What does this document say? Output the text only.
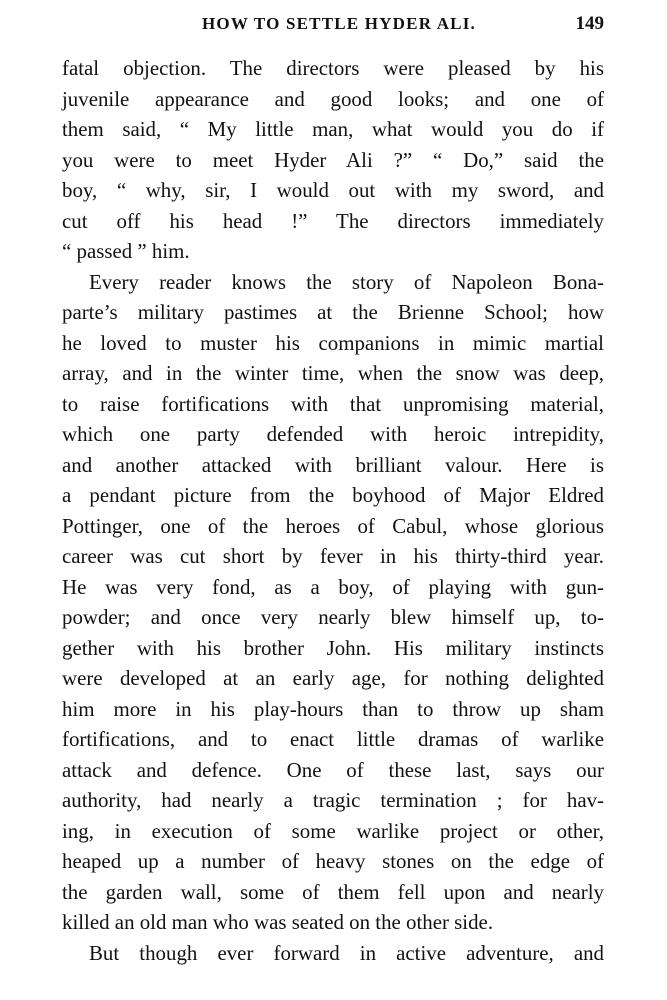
HOW TO SETTLE HYDER ALI.	149
fatal objection. The directors were pleased by his
juvenile appearance and good looks; and one of
them said, “ My little man, what would you do if
you were to meet Hyder Ali ?” “ Do,” said the
boy, “ why, sir, I would out with my sword, and
cut off his head !” The directors immediately
“ passed ” him.
Every reader knows the story of Napoleon Bona-
parte’s military pastimes at the Brienne School; how
he loved to muster his companions in mimic martial
array, and in the winter time, when the snow was deep,
to raise fortifications with that unpromising material,
which one party defended with heroic intrepidity,
and another attacked with brilliant valour. Here is
a pendant picture from the boyhood of Major Eldred
Pottinger, one of the heroes of Cabul, whose glorious
career was cut short by fever in his thirty-third year.
He was very fond, as a boy, of playing with gun-
powder; and once very nearly blew himself up, to-
gether with his brother John. His military instincts
were developed at an early age, for nothing delighted
him more in his play-hours than to throw up sham
fortifications, and to enact little dramas of warlike
attack and defence. One of these last, says our
authority, had nearly a tragic termination ; for hav-
ing, in execution of some warlike project or other,
heaped up a number of heavy stones on the edge of
the garden wall, some of them fell upon and nearly
killed an old man who was seated on the other side.
But though ever forward in active adventure, and
